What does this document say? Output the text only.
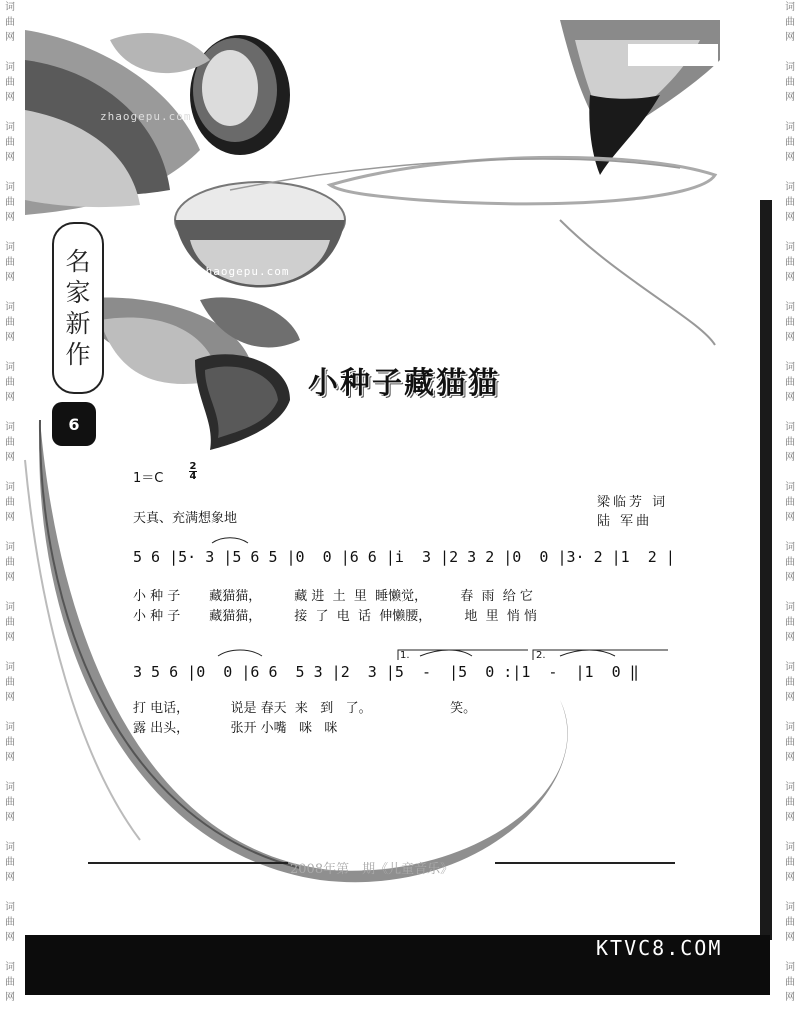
词
曲
网

词
曲
网

词
曲
网

词
曲
网

词
曲
网

词
曲
网

词
曲
网

词
曲
网

词
曲
网

词
曲
网

词
曲
网

词
曲
网

词
曲
网

词
曲
网

词
曲
网

词
曲
网

词
曲
网
词
曲
网

词
曲
网

词
曲
网

词
曲
网

词
曲
网

词
曲
网

词
曲
网

词
曲
网

词
曲
网

词
曲
网

词
曲
网

词
曲
网

词
曲
网

词
曲
网

词
曲
网

词
曲
网

词
曲
网
zhaogepu.com
zhaogepu.com
名
家
新
作
6
小种子藏猫猫
1＝C
2
4
天真、充满想象地
梁临芳 词
陆 军曲
5 6 |5· 3 |5 6 5 |0  0 |6 6 |i  3 |2 3 2 |0  0 |3· 2 |1  2 |
小 种 子       藏猫猫，        藏 进  土  里  睡懒觉，        春  雨  给 它
小 种 子       藏猫猫，        接  了  电  话  伸懒腰，        地  里  悄 悄
1.	2.
3 5 6 |0  0 |6 6  5 3 |2  3 |5  -  |5  0 :|1  -  |1  0 ‖
打 电话，          说是 春天  来   到   了。                   笑。
露 出头，          张开 小嘴   咪   咪
2008年第　期《儿童音乐》
KTVC8.COM
